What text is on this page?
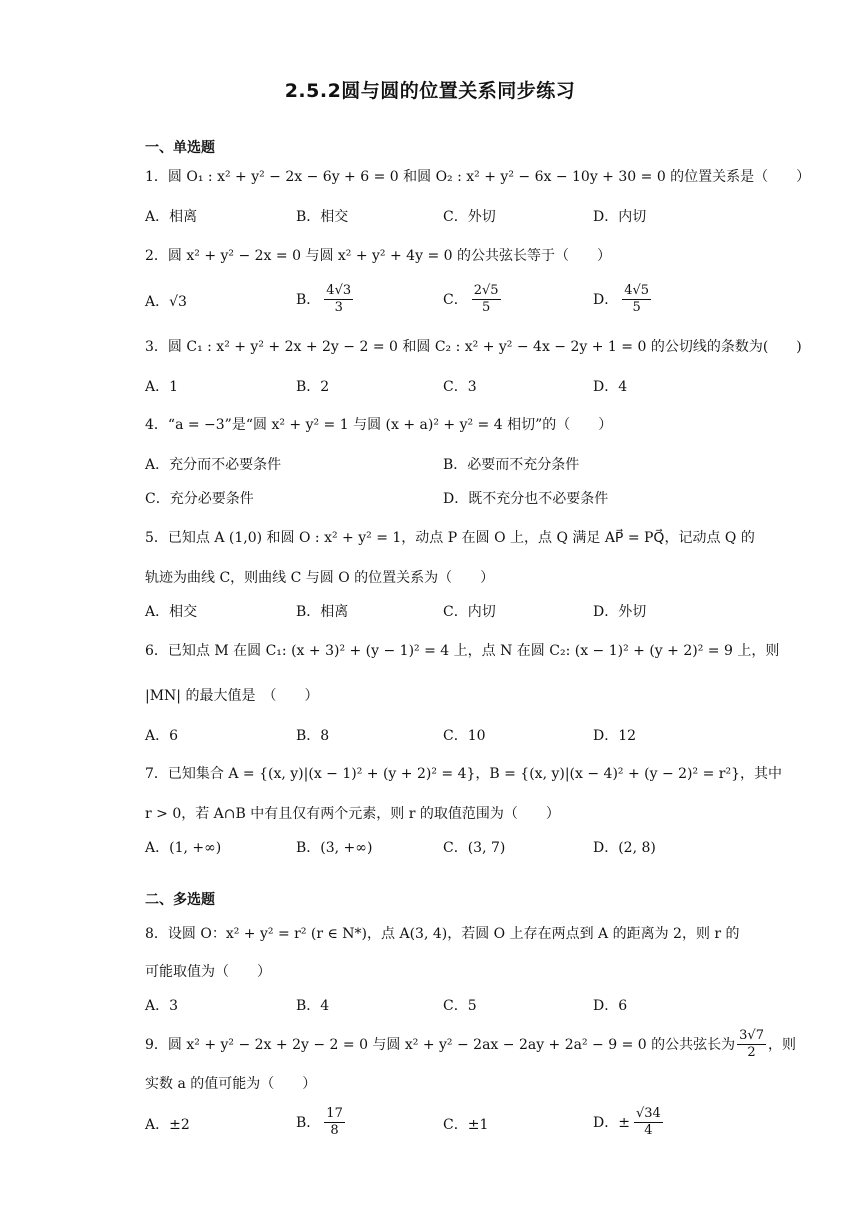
2.5.2圆与圆的位置关系同步练习
一、单选题
1．圆 O₁ : x² + y² − 2x − 6y + 6 = 0 和圆 O₂ : x² + y² − 6x − 10y + 30 = 0 的位置关系是（　　）
A．相离	B．相交	C．外切	D．内切
2．圆 x² + y² − 2x = 0 与圆 x² + y² + 4y = 0 的公共弦长等于（　　）
A．√3	B． $\frac{4√3}{3}$	C． $\frac{2√5}{5}$	D． $\frac{4√5}{5}$
3．圆 C₁ : x² + y² + 2x + 2y − 2 = 0 和圆 C₂ : x² + y² − 4x − 2y + 1 = 0 的公切线的条数为(　　)
A．1	B．2	C．3	D．4
4．“a = −3”是“圆 x² + y² = 1 与圆 (x + a)² + y² = 4 相切”的（　　）
A．充分而不必要条件	B．必要而不充分条件
C．充分必要条件	D．既不充分也不必要条件
5．已知点 A (1,0) 和圆 O : x² + y² = 1，动点 P 在圆 O 上，点 Q 满足 AP⃗ = PQ⃗，记动点 Q 的
轨迹为曲线 C，则曲线 C 与圆 O 的位置关系为（　　）
A．相交	B．相离	C．内切	D．外切
6．已知点 M 在圆 C₁: (x + 3)² + (y − 1)² = 4 上，点 N 在圆 C₂: (x − 1)² + (y + 2)² = 9 上，则
|MN| 的最大值是　（　　）
A．6	B．8	C．10	D．12
7．已知集合 A = {(x, y)|(x − 1)² + (y + 2)² = 4}，B = {(x, y)|(x − 4)² + (y − 2)² = r²}，其中
r > 0，若 A∩B 中有且仅有两个元素，则 r 的取值范围为（　　）
A．(1, +∞)	B．(3, +∞)	C．(3, 7)	D．(2, 8)
二、多选题
8．设圆 O：x² + y² = r² (r ∈ N*)，点 A(3, 4)，若圆 O 上存在两点到 A 的距离为 2，则 r 的
可能取值为（　　）
A．3	B．4	C．5	D．6
9．圆 x² + y² − 2x + 2y − 2 = 0 与圆 x² + y² − 2ax − 2ay + 2a² − 9 = 0 的公共弦长为 $\frac{3√7}{2}$ ，则
实数 a 的值可能为（　　）
A．±2	B． $\frac{17}{8}$	C．±1	D．± $\frac{√34}{4}$
